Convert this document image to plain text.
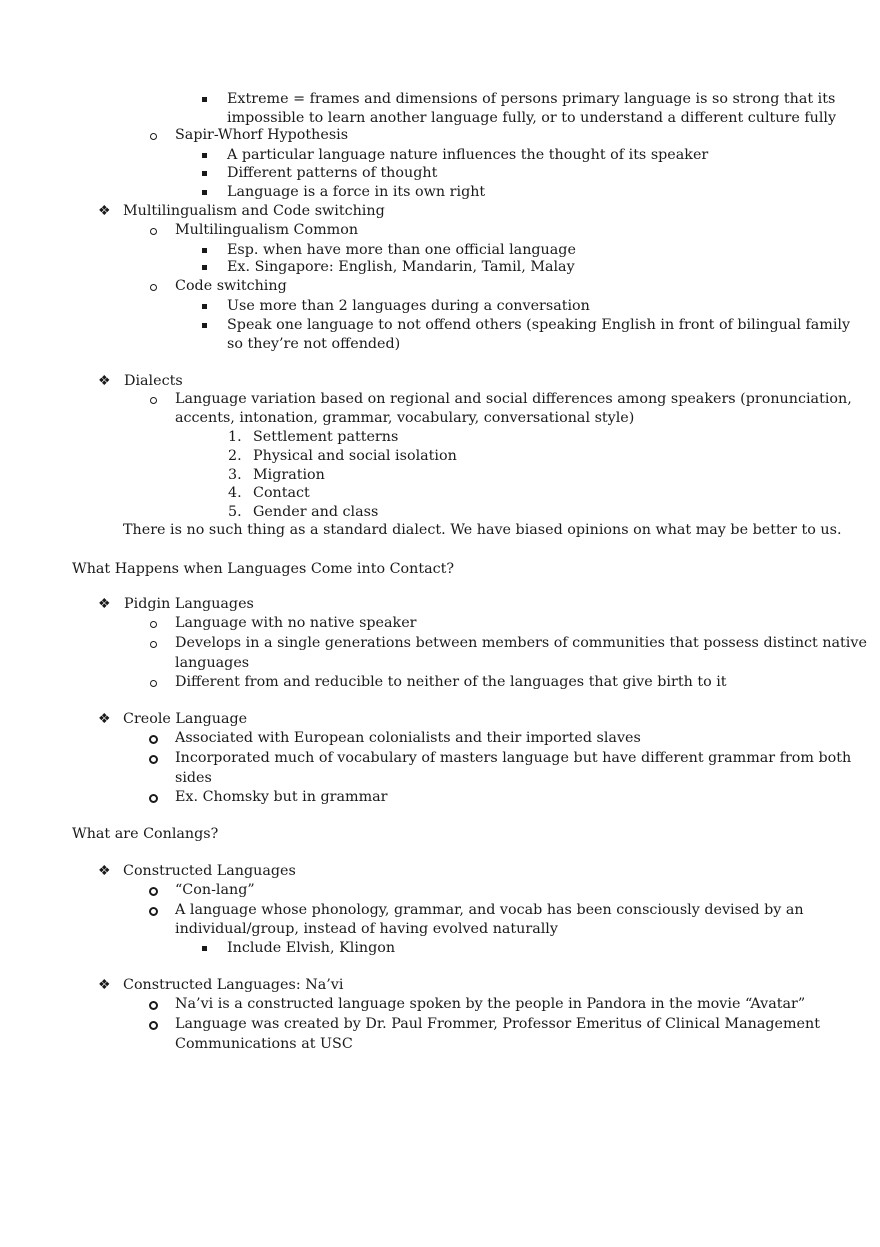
Extreme = frames and dimensions of persons primary language is so strong that its
impossible to learn another language fully, or to understand a different culture fully
Sapir-Whorf Hypothesis
A particular language nature influences the thought of its speaker
Different patterns of thought
Language is a force in its own right
❖ Multilingualism and Code switching
Multilingualism Common
Esp. when have more than one official language
Ex. Singapore: English, Mandarin, Tamil, Malay
Code switching
Use more than 2 languages during a conversation
Speak one language to not offend others (speaking English in front of bilingual family
so they’re not offended)
❖ Dialects
Language variation based on regional and social differences among speakers (pronunciation,
accents, intonation, grammar, vocabulary, conversational style)
1. Settlement patterns
2. Physical and social isolation
3. Migration
4. Contact
5. Gender and class
There is no such thing as a standard dialect. We have biased opinions on what may be better to us.
What Happens when Languages Come into Contact?
❖ Pidgin Languages
Language with no native speaker
Develops in a single generations between members of communities that possess distinct native
languages
Different from and reducible to neither of the languages that give birth to it
❖ Creole Language
Associated with European colonialists and their imported slaves
Incorporated much of vocabulary of masters language but have different grammar from both
sides
Ex. Chomsky but in grammar
What are Conlangs?
❖ Constructed Languages
“Con-lang”
A language whose phonology, grammar, and vocab has been consciously devised by an
individual/group, instead of having evolved naturally
Include Elvish, Klingon
❖ Constructed Languages: Na’vi
Na’vi is a constructed language spoken by the people in Pandora in the movie “Avatar”
Language was created by Dr. Paul Frommer, Professor Emeritus of Clinical Management
Communications at USC
